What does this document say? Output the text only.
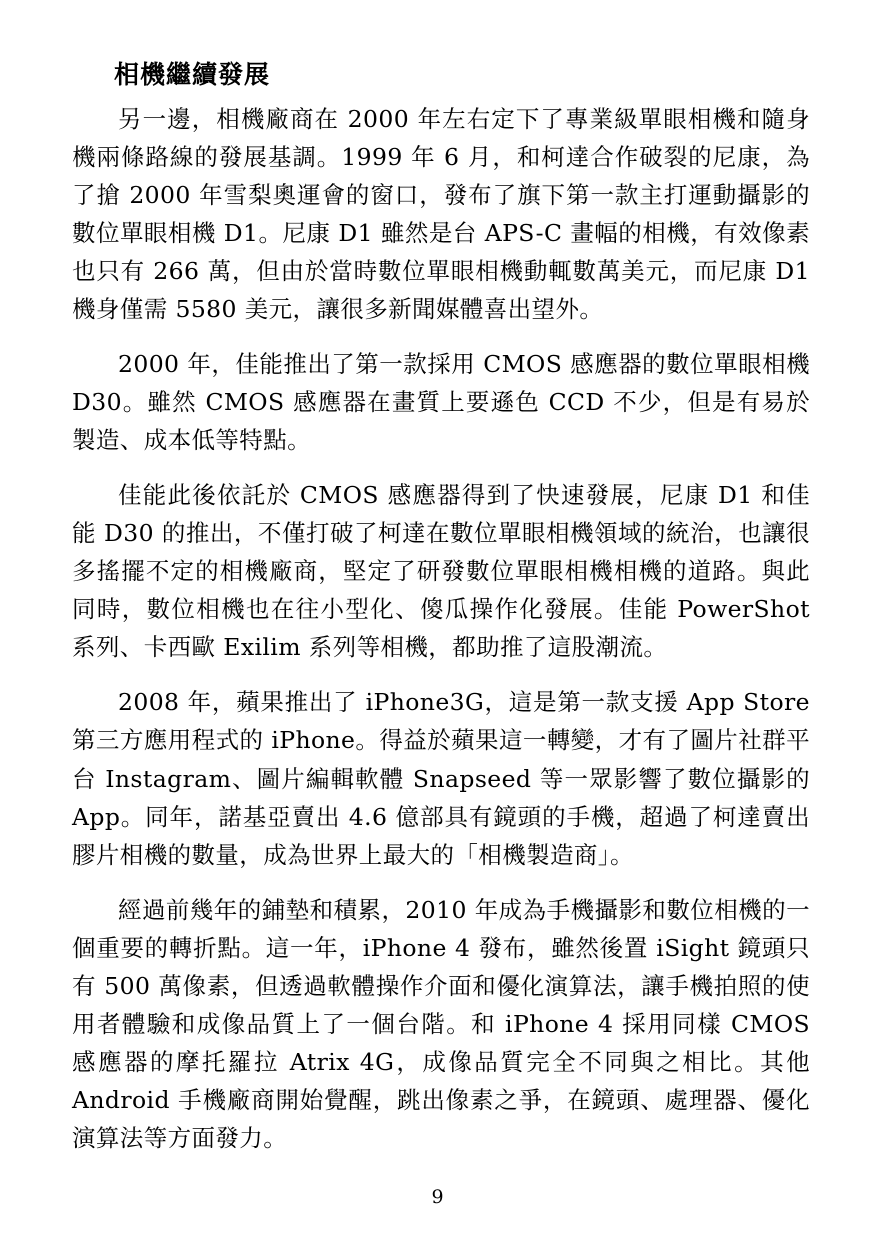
相機繼續發展

另一邊，相機廠商在 2000 年左右定下了專業級單眼相機和隨身機兩條路線的發展基調。1999 年 6 月，和柯達合作破裂的尼康，為了搶 2000 年雪梨奧運會的窗口，發布了旗下第一款主打運動攝影的數位單眼相機 D1。尼康 D1 雖然是台 APS-C 畫幅的相機，有效像素也只有 266 萬，但由於當時數位單眼相機動輒數萬美元，而尼康 D1 機身僅需 5580 美元，讓很多新聞媒體喜出望外。

2000 年，佳能推出了第一款採用 CMOS 感應器的數位單眼相機 D30。雖然 CMOS 感應器在畫質上要遜色 CCD 不少，但是有易於製造、成本低等特點。

佳能此後依託於 CMOS 感應器得到了快速發展，尼康 D1 和佳能 D30 的推出，不僅打破了柯達在數位單眼相機領域的統治，也讓很多搖擺不定的相機廠商，堅定了研發數位單眼相機相機的道路。與此同時，數位相機也在往小型化、傻瓜操作化發展。佳能 PowerShot 系列、卡西歐 Exilim 系列等相機，都助推了這股潮流。

2008 年，蘋果推出了 iPhone3G，這是第一款支援 App Store 第三方應用程式的 iPhone。得益於蘋果這一轉變，才有了圖片社群平台 Instagram、圖片編輯軟體 Snapseed 等一眾影響了數位攝影的 App。同年，諾基亞賣出 4.6 億部具有鏡頭的手機，超過了柯達賣出膠片相機的數量，成為世界上最大的「相機製造商」。

經過前幾年的鋪墊和積累，2010 年成為手機攝影和數位相機的一個重要的轉折點。這一年，iPhone 4 發布，雖然後置 iSight 鏡頭只有 500 萬像素，但透過軟體操作介面和優化演算法，讓手機拍照的使用者體驗和成像品質上了一個台階。和 iPhone 4 採用同樣 CMOS 感應器的摩托羅拉 Atrix 4G，成像品質完全不同與之相比。其他 Android 手機廠商開始覺醒，跳出像素之爭，在鏡頭、處理器、優化演算法等方面發力。

9
